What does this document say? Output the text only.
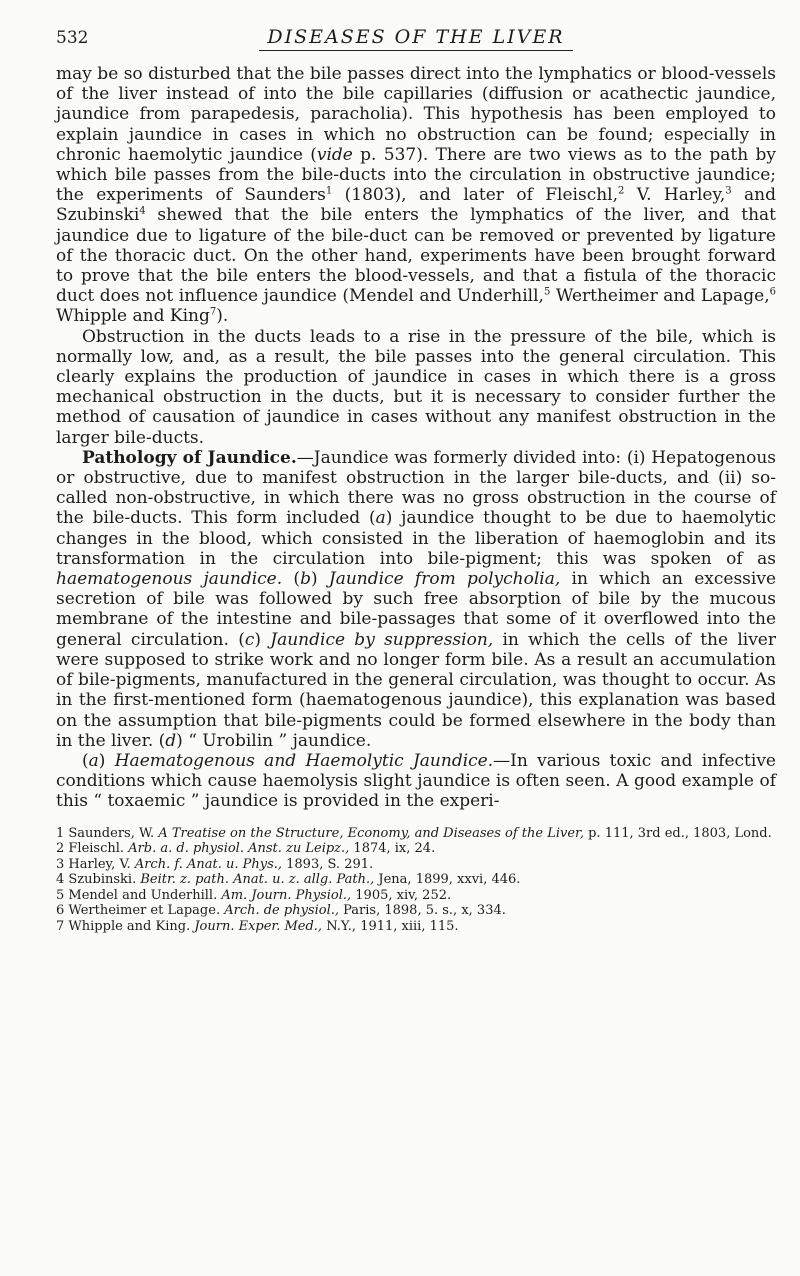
532	DISEASES OF THE LIVER

may be so disturbed that the bile passes direct into the lymphatics or blood-vessels of the liver instead of into the bile capillaries (diffusion or acathectic jaundice, jaundice from parapedesis, paracholia). This hypothesis has been employed to explain jaundice in cases in which no obstruction can be found; especially in chronic haemolytic jaundice (vide p. 537). There are two views as to the path by which bile passes from the bile-ducts into the circulation in obstructive jaundice; the experiments of Saunders$^1$ (1803), and later of Fleischl,$^2$ V. Harley,$^3$ and Szubinski$^4$ shewed that the bile enters the lymphatics of the liver, and that jaundice due to ligature of the bile-duct can be removed or prevented by ligature of the thoracic duct. On the other hand, experiments have been brought forward to prove that the bile enters the blood-vessels, and that a fistula of the thoracic duct does not influence jaundice (Mendel and Underhill,$^5$ Wertheimer and Lapage,$^6$ Whipple and King$^7$).

Obstruction in the ducts leads to a rise in the pressure of the bile, which is normally low, and, as a result, the bile passes into the general circulation. This clearly explains the production of jaundice in cases in which there is a gross mechanical obstruction in the ducts, but it is necessary to consider further the method of causation of jaundice in cases without any manifest obstruction in the larger bile-ducts.

Pathology of Jaundice.—Jaundice was formerly divided into: (i) Hepatogenous or obstructive, due to manifest obstruction in the larger bile-ducts, and (ii) so-called non-obstructive, in which there was no gross obstruction in the course of the bile-ducts. This form included (a) jaundice thought to be due to haemolytic changes in the blood, which consisted in the liberation of haemoglobin and its transformation in the circulation into bile-pigment; this was spoken of as haematogenous jaundice. (b) Jaundice from polycholia, in which an excessive secretion of bile was followed by such free absorption of bile by the mucous membrane of the intestine and bile-passages that some of it overflowed into the general circulation. (c) Jaundice by suppression, in which the cells of the liver were supposed to strike work and no longer form bile. As a result an accumulation of bile-pigments, manufactured in the general circulation, was thought to occur. As in the first-mentioned form (haematogenous jaundice), this explanation was based on the assumption that bile-pigments could be formed elsewhere in the body than in the liver. (d) “ Urobilin ” jaundice.

(a) Haematogenous and Haemolytic Jaundice.—In various toxic and infective conditions which cause haemolysis slight jaundice is often seen. A good example of this “ toxaemic ” jaundice is provided in the experi-

1 Saunders, W. A Treatise on the Structure, Economy, and Diseases of the Liver, p. 111, 3rd ed., 1803, Lond.
2 Fleischl. Arb. a. d. physiol. Anst. zu Leipz., 1874, ix, 24.
3 Harley, V. Arch. f. Anat. u. Phys., 1893, S. 291.
4 Szubinski. Beitr. z. path. Anat. u. z. allg. Path., Jena, 1899, xxvi, 446.
5 Mendel and Underhill. Am. Journ. Physiol., 1905, xiv, 252.
6 Wertheimer et Lapage. Arch. de physiol., Paris, 1898, 5. s., x, 334.
7 Whipple and King. Journ. Exper. Med., N.Y., 1911, xiii, 115.
